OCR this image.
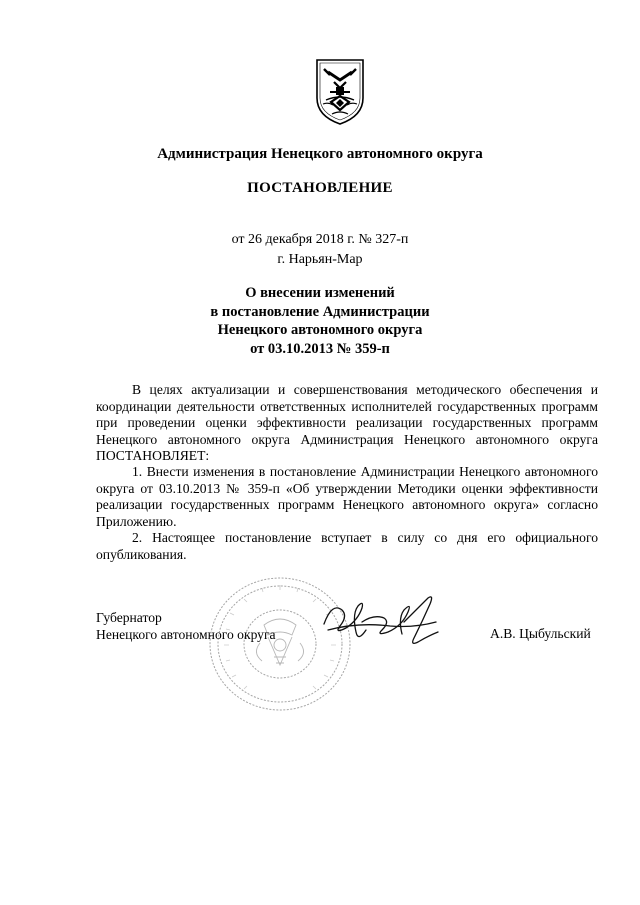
Администрация Ненецкого автономного округа
ПОСТАНОВЛЕНИЕ
от 26 декабря 2018 г. № 327-п
г. Нарьян-Мар
О внесении изменений
в постановление Администрации
Ненецкого автономного округа
от 03.10.2013 № 359-п
В целях актуализации и совершенствования методического обеспечения и координации деятельности ответственных исполнителей государственных программ при проведении оценки эффективности реализации государственных программ Ненецкого автономного округа Администрация Ненецкого автономного округа ПОСТАНОВЛЯЕТ:
1. Внести изменения в постановление Администрации Ненецкого автономного округа от 03.10.2013 № 359-п «Об утверждении Методики оценки эффективности реализации государственных программ Ненецкого автономного округа» согласно Приложению.
2. Настоящее постановление вступает в силу со дня его официального опубликования.
Губернатор
Ненецкого автономного округа	А.В. Цыбульский
